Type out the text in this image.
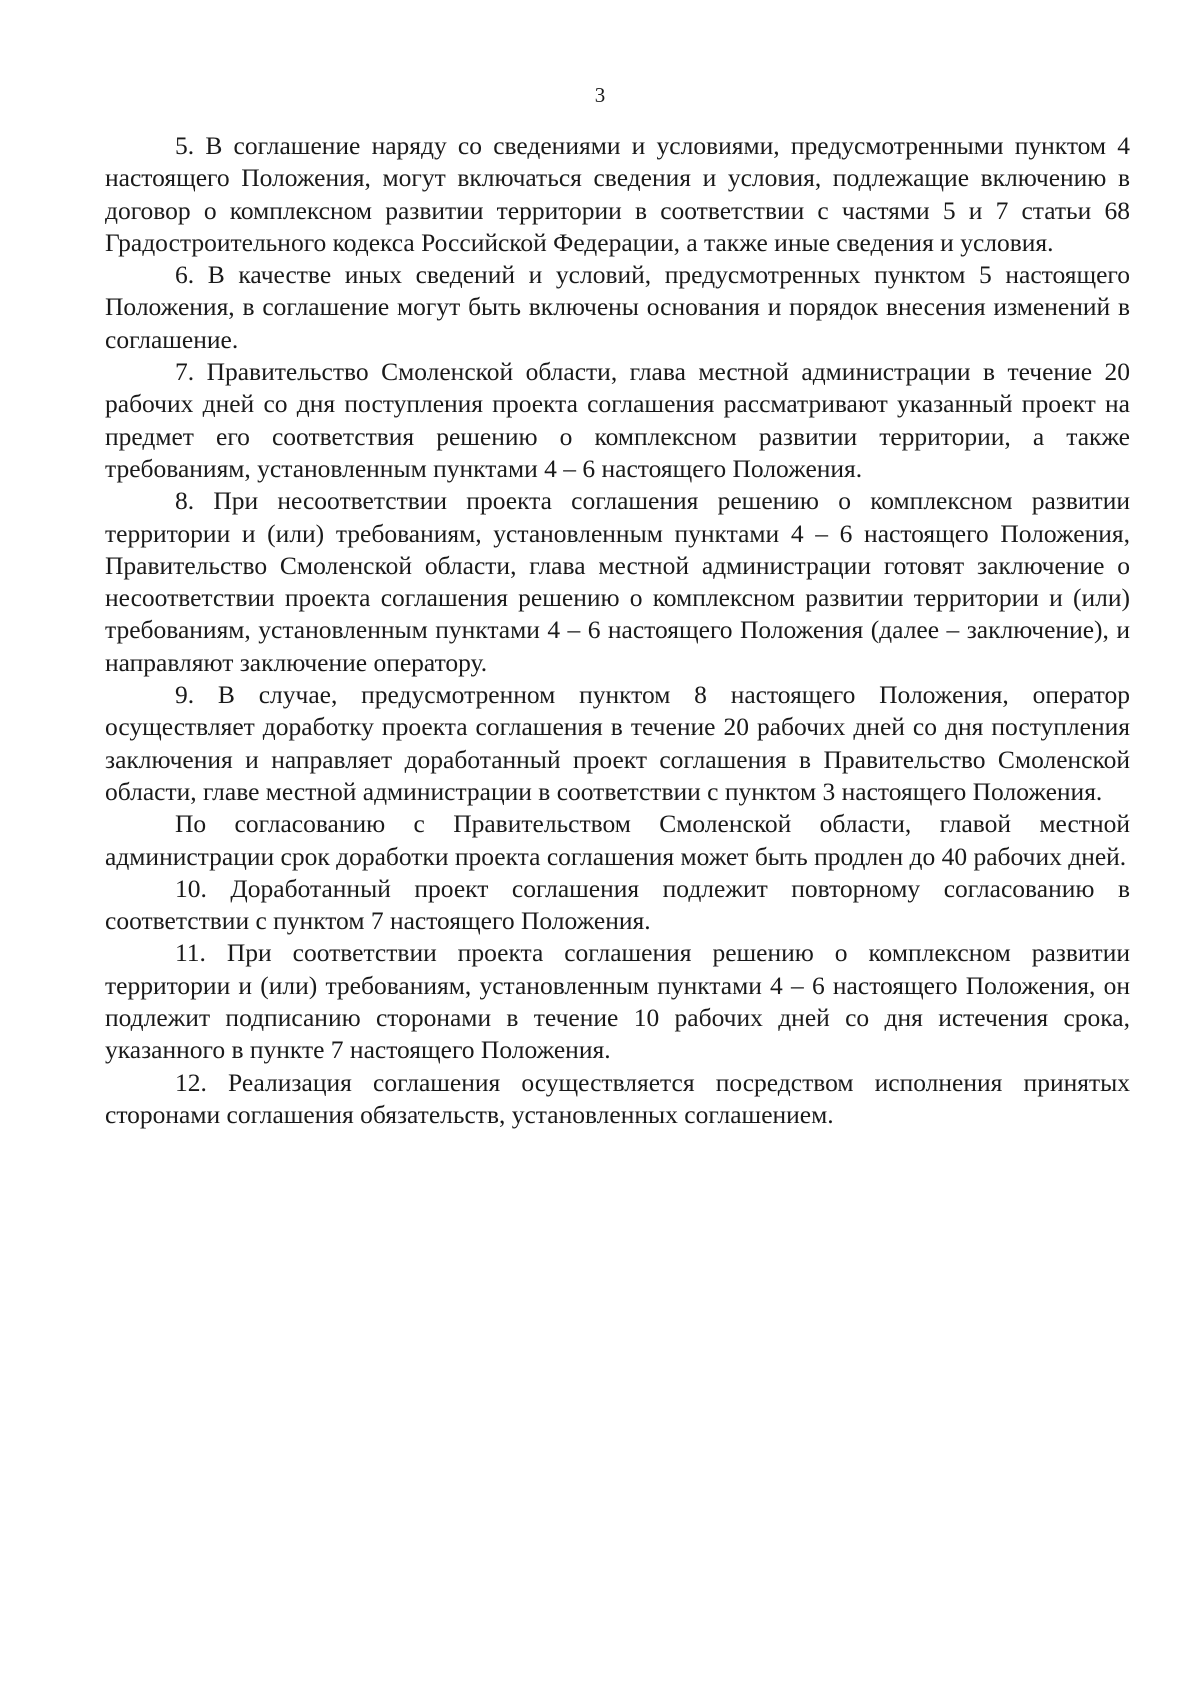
3

5. В соглашение наряду со сведениями и условиями, предусмотренными пунктом 4 настоящего Положения, могут включаться сведения и условия, подлежащие включению в договор о комплексном развитии территории в соответствии с частями 5 и 7 статьи 68 Градостроительного кодекса Российской Федерации, а также иные сведения и условия.

6. В качестве иных сведений и условий, предусмотренных пунктом 5 настоящего Положения, в соглашение могут быть включены основания и порядок внесения изменений в соглашение.

7. Правительство Смоленской области, глава местной администрации в течение 20 рабочих дней со дня поступления проекта соглашения рассматривают указанный проект на предмет его соответствия решению о комплексном развитии территории, а также требованиям, установленным пунктами 4 – 6 настоящего Положения.

8. При несоответствии проекта соглашения решению о комплексном развитии территории и (или) требованиям, установленным пунктами 4 – 6 настоящего Положения, Правительство Смоленской области, глава местной администрации готовят заключение о несоответствии проекта соглашения решению о комплексном развитии территории и (или) требованиям, установленным пунктами 4 – 6 настоящего Положения (далее – заключение), и направляют заключение оператору.

9. В случае, предусмотренном пунктом 8 настоящего Положения, оператор осуществляет доработку проекта соглашения в течение 20 рабочих дней со дня поступления заключения и направляет доработанный проект соглашения в Правительство Смоленской области, главе местной администрации в соответствии с пунктом 3 настоящего Положения.

По согласованию с Правительством Смоленской области, главой местной администрации срок доработки проекта соглашения может быть продлен до 40 рабочих дней.

10. Доработанный проект соглашения подлежит повторному согласованию в соответствии с пунктом 7 настоящего Положения.

11. При соответствии проекта соглашения решению о комплексном развитии территории и (или) требованиям, установленным пунктами 4 – 6 настоящего Положения, он подлежит подписанию сторонами в течение 10 рабочих дней со дня истечения срока, указанного в пункте 7 настоящего Положения.

12. Реализация соглашения осуществляется посредством исполнения принятых сторонами соглашения обязательств, установленных соглашением.
